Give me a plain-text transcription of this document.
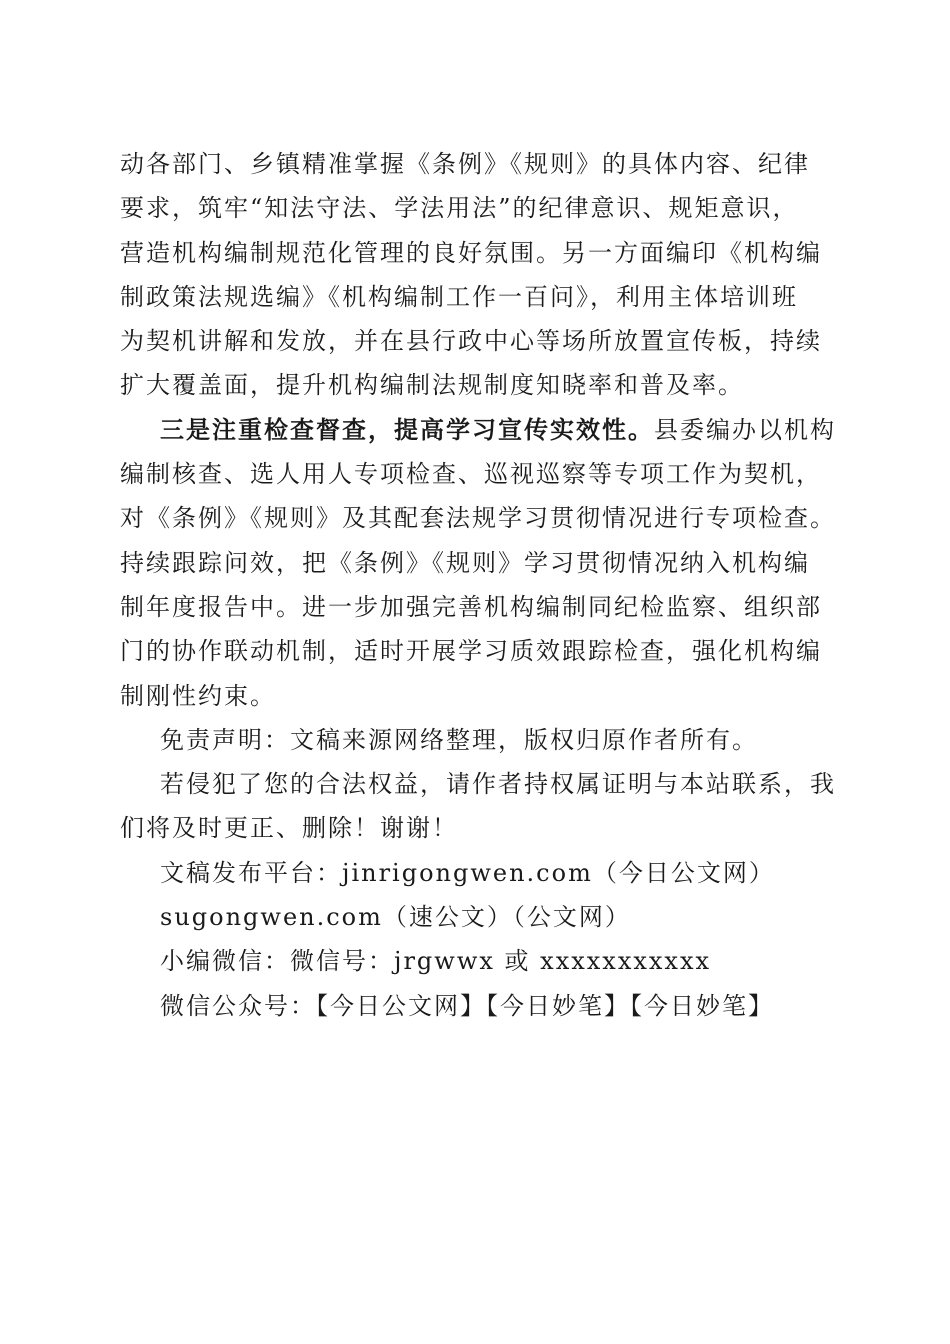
动各部门、乡镇精准掌握《条例》《规则》的具体内容、纪律
要求，筑牢“知法守法、学法用法”的纪律意识、规矩意识，
营造机构编制规范化管理的良好氛围。另一方面编印《机构编
制政策法规选编》《机构编制工作一百问》，利用主体培训班
为契机讲解和发放，并在县行政中心等场所放置宣传板，持续
扩大覆盖面，提升机构编制法规制度知晓率和普及率。

三是注重检查督查，提高学习宣传实效性。县委编办以机构
编制核查、选人用人专项检查、巡视巡察等专项工作为契机，
对《条例》《规则》及其配套法规学习贯彻情况进行专项检查。
持续跟踪问效，把《条例》《规则》学习贯彻情况纳入机构编
制年度报告中。进一步加强完善机构编制同纪检监察、组织部
门的协作联动机制，适时开展学习质效跟踪检查，强化机构编
制刚性约束。

免责声明：文稿来源网络整理，版权归原作者所有。

若侵犯了您的合法权益，请作者持权属证明与本站联系，我
们将及时更正、删除！谢谢！

文稿发布平台：jinrigongwen.com（今日公文网）
sugongwen.com（速公文）（公文网）

小编微信：微信号：jrgwwx 或 xxxxxxxxxxx

微信公众号：【今日公文网】【今日妙笔】【今日妙笔】
